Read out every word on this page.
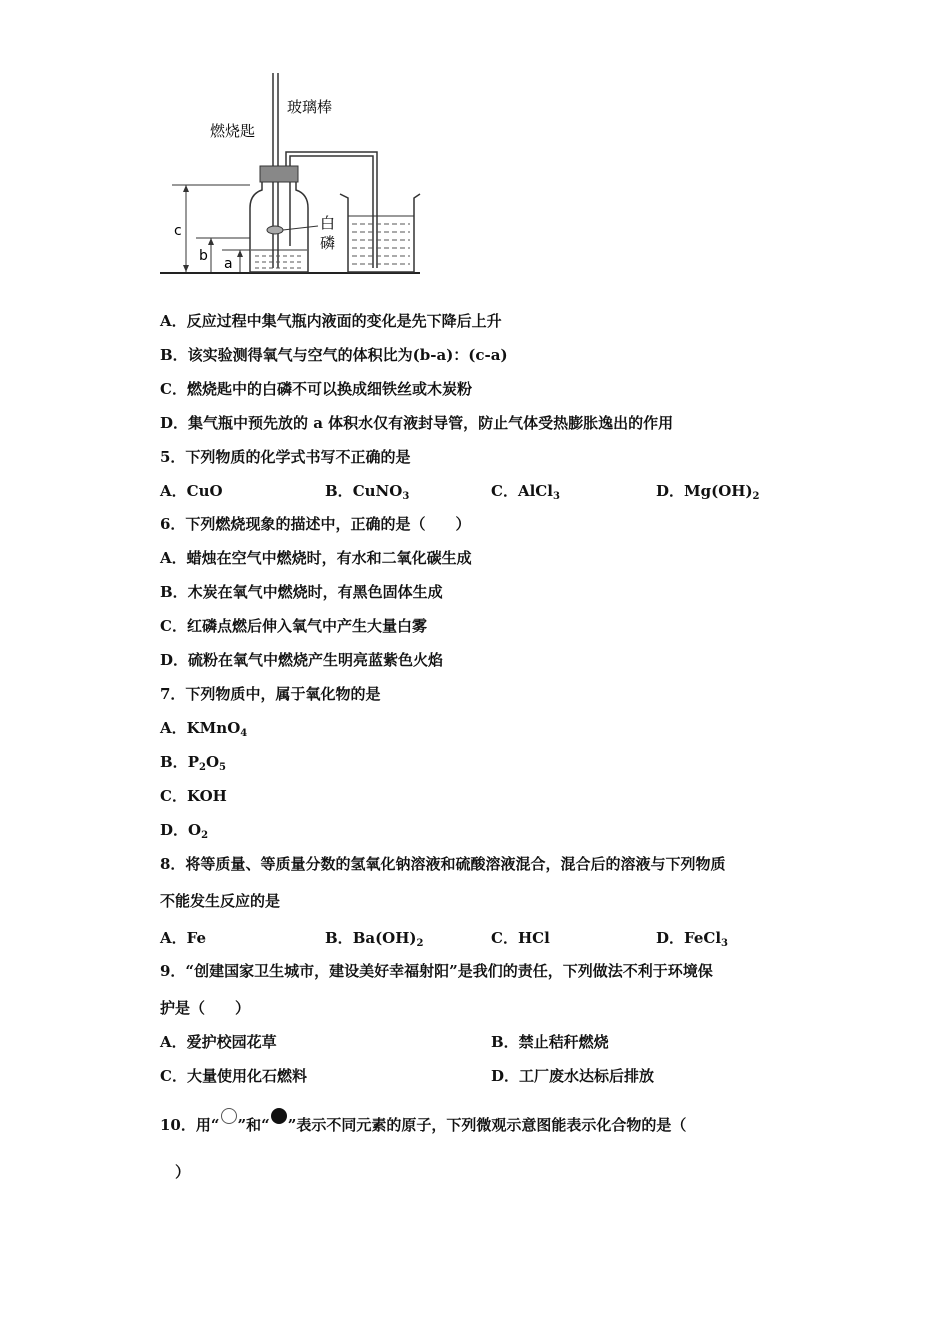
玻璃棒
燃烧匙
白
磷
c
b a
A．反应过程中集气瓶内液面的变化是先下降后上升
B．该实验测得氧气与空气的体积比为(b-a)：(c-a)
C．燃烧匙中的白磷不可以换成细铁丝或木炭粉
D．集气瓶中预先放的 a 体积水仅有液封导管，防止气体受热膨胀逸出的作用
5．下列物质的化学式书写不正确的是
A．CuO	B．CuNO$_3$	C．AlCl$_3$	D．$Mg(OH)_2$
6．下列燃烧现象的描述中，正确的是（　　）
A．蜡烛在空气中燃烧时，有水和二氧化碳生成
B．木炭在氧气中燃烧时，有黑色固体生成
C．红磷点燃后伸入氧气中产生大量白雾
D．硫粉在氧气中燃烧产生明亮蓝紫色火焰
7．下列物质中，属于氧化物的是
A．KMnO$_4$
B．$P_2O_5$
C．KOH
D．$O_2$
8．将等质量、等质量分数的氢氧化钠溶液和硫酸溶液混合，混合后的溶液与下列物质
不能发生反应的是
A．Fe	B．$Ba(OH)_2$	C．HCl	D．FeCl$_3$
9．“创建国家卫生城市，建设美好幸福射阳”是我们的责任，下列做法不利于环境保
护是（　　）
A．爱护校园花草	B．禁止秸秆燃烧
C．大量使用化石燃料	D．工厂废水达标后排放
10．用“ ”和“ ”表示不同元素的原子，下列微观示意图能表示化合物的是（
）
